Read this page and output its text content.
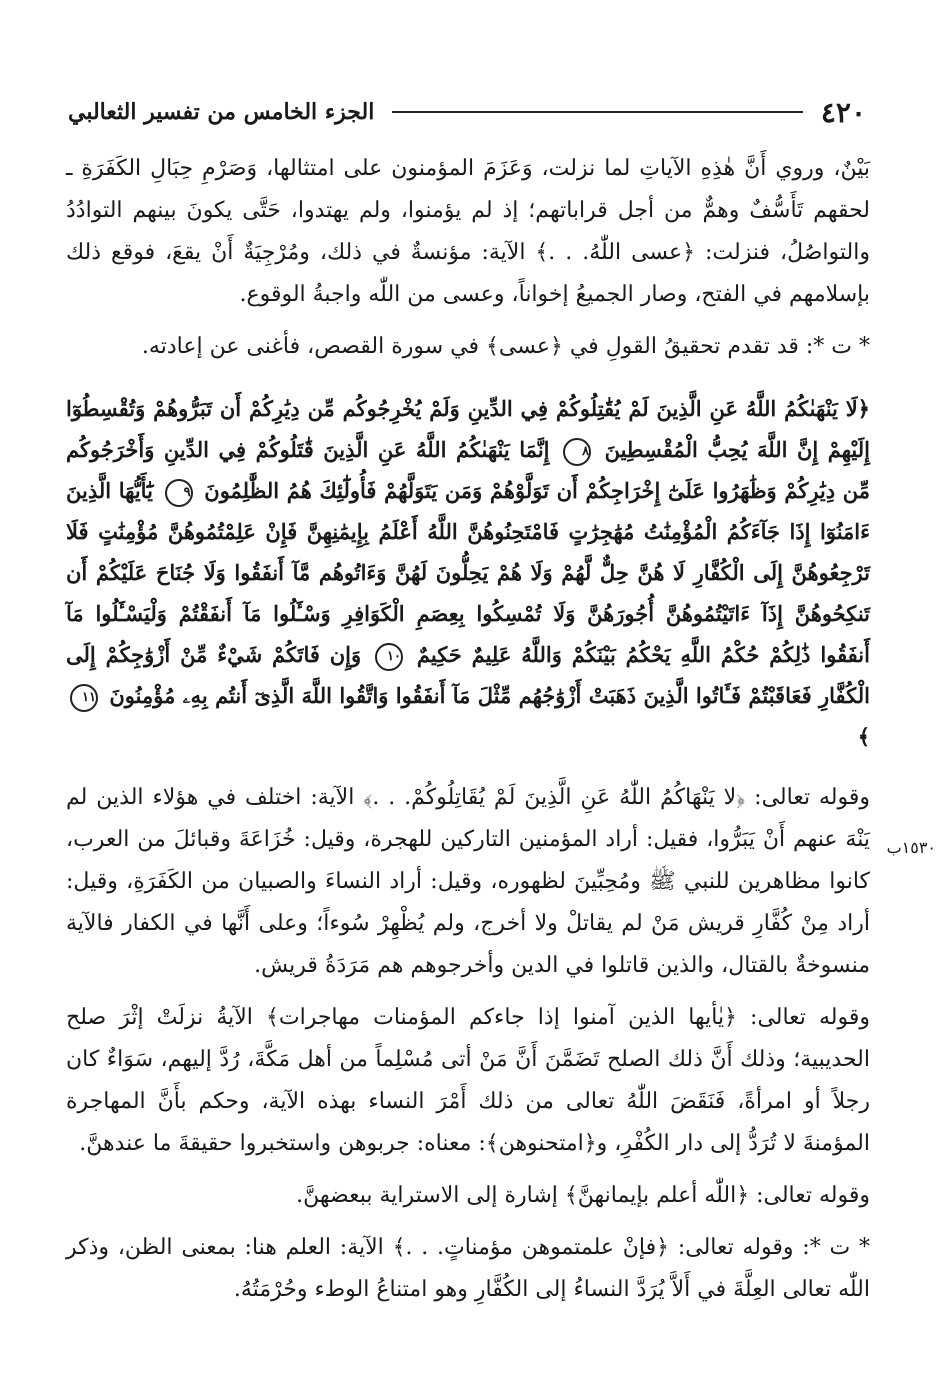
٤٢٠
الجزء الخامس من تفسير الثعالبي
١٥٣٠ب

بَيْنٌ، وروي أَنَّ هٰذِهِ الآياتِ لما نزلت، وَعَزَمَ المؤمنون على امتثالها، وَصَرْمِ حِبَالِ الكَفَرَةِ ـ لحقهم تَأَسُّفٌ وهمٌّ من أجل قراباتهم؛ إذ لم يؤمنوا، ولم يهتدوا، حَتَّى يكونَ بينهم التوادُدُ والتواصُلُ، فنزلت: ﴿عسى اللّٰهُ. . .﴾ الآية: مؤنسةٌ في ذلك، ومُرْجِيَةٌ أَنْ يقعَ، فوقع ذلك بإسلامهم في الفتح، وصار الجميعُ إخواناً، وعسى من اللّٰه واجبةُ الوقوع.

* ت *: قد تقدم تحقيقُ القولِ في ﴿عسى﴾ في سورة القصص، فأغنى عن إعادته.

﴿لَا يَنْهَىٰكُمُ اللَّهُ عَنِ الَّذِينَ لَمْ يُقَٰتِلُوكُمْ فِي الدِّينِ وَلَمْ يُخْرِجُوكُم مِّن دِيَٰرِكُمْ أَن تَبَرُّوهُمْ وَتُقْسِطُوٓا إِلَيْهِمْ إِنَّ اللَّهَ يُحِبُّ الْمُقْسِطِينَ ٨ إِنَّمَا يَنْهَىٰكُمُ اللَّهُ عَنِ الَّذِينَ قَٰتَلُوكُمْ فِي الدِّينِ وَأَخْرَجُوكُم مِّن دِيَٰرِكُمْ وَظَٰهَرُوا عَلَىٰٓ إِخْرَاجِكُمْ أَن تَوَلَّوْهُمْ وَمَن يَتَوَلَّهُمْ فَأُولَٰٓئِكَ هُمُ الظَّٰلِمُونَ ٩ يَٰٓأَيُّهَا الَّذِينَ ءَامَنُوٓا إِذَا جَآءَكُمُ الْمُؤْمِنَٰتُ مُهَٰجِرَٰتٍ فَامْتَحِنُوهُنَّ اللَّهُ أَعْلَمُ بِإِيمَٰنِهِنَّ فَإِنْ عَلِمْتُمُوهُنَّ مُؤْمِنَٰتٍ فَلَا تَرْجِعُوهُنَّ إِلَى الْكُفَّارِ لَا هُنَّ حِلٌّ لَّهُمْ وَلَا هُمْ يَحِلُّونَ لَهُنَّ وَءَاتُوهُم مَّآ أَنفَقُوا وَلَا جُنَاحَ عَلَيْكُمْ أَن تَنكِحُوهُنَّ إِذَآ ءَاتَيْتُمُوهُنَّ أُجُورَهُنَّ وَلَا تُمْسِكُوا بِعِصَمِ الْكَوَافِرِ وَسْـَٔلُوا مَآ أَنفَقْتُمْ وَلْيَسْـَٔلُوا مَآ أَنفَقُوا ذَٰلِكُمْ حُكْمُ اللَّهِ يَحْكُمُ بَيْنَكُمْ وَاللَّهُ عَلِيمٌ حَكِيمٌ ١٠ وَإِن فَاتَكُمْ شَيْءٌ مِّنْ أَزْوَٰجِكُمْ إِلَى الْكُفَّارِ فَعَاقَبْتُمْ فَـَٔاتُوا الَّذِينَ ذَهَبَتْ أَزْوَٰجُهُم مِّثْلَ مَآ أَنفَقُوا وَاتَّقُوا اللَّهَ الَّذِىٓ أَنتُم بِهِۦ مُؤْمِنُونَ ١١ ﴾

وقوله تعالى: ﴿لا يَنْهَاكُمُ اللّٰهُ عَنِ الَّذِينَ لَمْ يُقَاتِلُوكُمْ. . .﴾ الآية: اختلف في هؤلاء الذين لم يَنْهَ عنهم أَنْ يَبَرُّوا، فقيل: أراد المؤمنين التاركين للهجرة، وقيل: خُزَاعَةَ وقبائلَ من العرب، كانوا مظاهرين للنبي ﷺ ومُحِبِّينَ لظهوره، وقيل: أراد النساءَ والصبيان من الكَفَرَةِ، وقيل: أراد مِنْ كُفَّارِ قريش مَنْ لم يقاتلْ ولا أخرج، ولم يُظْهِرْ سُوءاً؛ وعلى أَنَّها في الكفار فالآية منسوخةٌ بالقتال، والذين قاتلوا في الدين وأخرجوهم هم مَرَدَةُ قريش.

وقوله تعالى: ﴿يٰأيها الذين آمنوا إذا جاءكم المؤمنات مهاجرات﴾ الآيةُ نزلَتْ إثْرَ صلح الحديبية؛ وذلك أَنَّ ذلك الصلح تَضَمَّنَ أَنَّ مَنْ أتى مُسْلِماً من أهل مَكَّةَ، رُدَّ إليهم، سَوَاءٌ كان رجلاً أو امرأةً، فَنَقَضَ اللّٰهُ تعالى من ذلك أَمْرَ النساء بهذه الآية، وحكم بأَنَّ المهاجرة المؤمنةَ لا تُرَدُّ إلى دار الكُفْرِ، و﴿امتحنوهن﴾: معناه: جربوهن واستخبروا حقيقةَ ما عندهنَّ.

وقوله تعالى: ﴿اللّٰه أعلم بإيمانهنَّ﴾ إشارة إلى الاستراية ببعضهنَّ.

* ت *: وقوله تعالى: ﴿فإنْ علمتموهن مؤمناتٍ. . .﴾ الآية: العلم هنا: بمعنى الظن، وذكر اللّٰه تعالى العِلَّةَ في أَلاَّ يُرَدَّ النساءُ إلى الكُفَّارِ وهو امتناعُ الوطء وحُرْمَتُهُ.
